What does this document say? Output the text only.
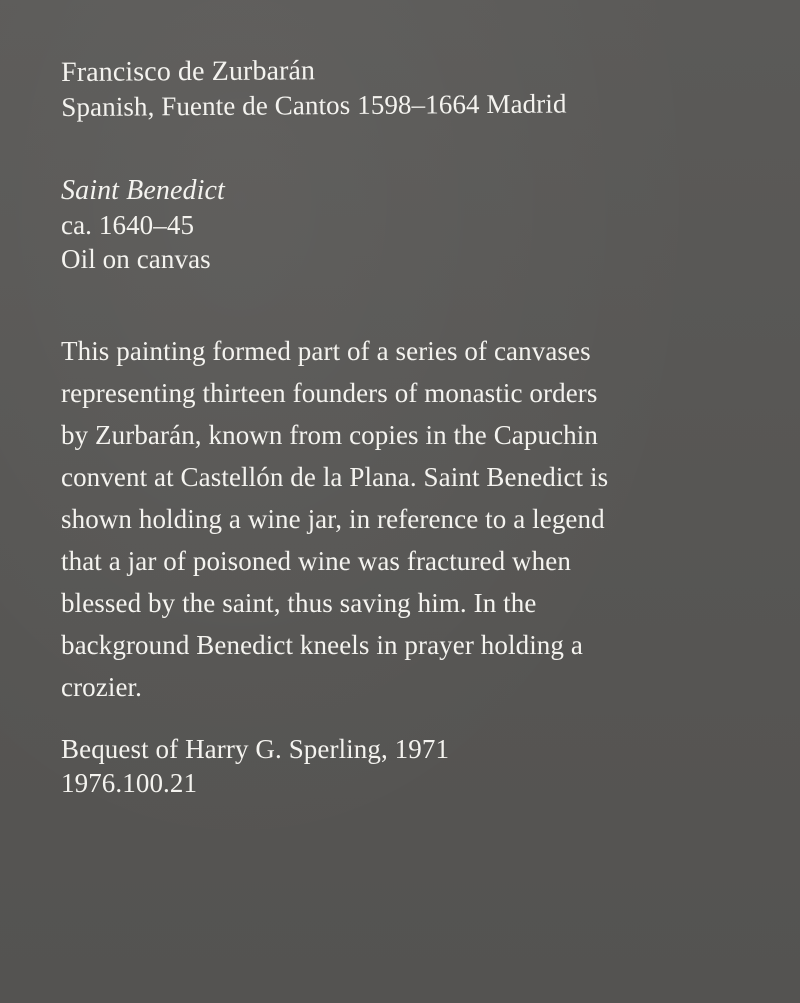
Francisco de Zurbarán
Spanish, Fuente de Cantos 1598–1664 Madrid
Saint Benedict
ca. 1640–45
Oil on canvas
This painting formed part of a series of canvases
representing thirteen founders of monastic orders
by Zurbarán, known from copies in the Capuchin
convent at Castellón de la Plana. Saint Benedict is
shown holding a wine jar, in reference to a legend
that a jar of poisoned wine was fractured when
blessed by the saint, thus saving him. In the
background Benedict kneels in prayer holding a
crozier.
Bequest of Harry G. Sperling, 1971
1976.100.21
